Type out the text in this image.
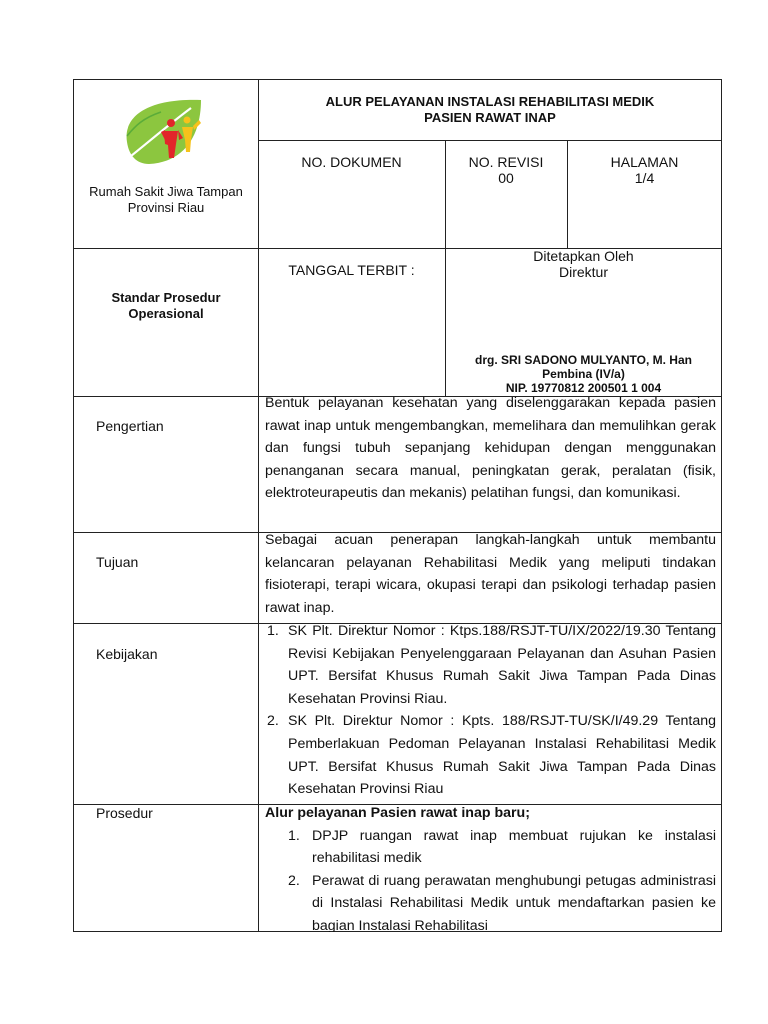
Rumah Sakit Jiwa Tampan
Provinsi Riau
ALUR PELAYANAN INSTALASI REHABILITASI MEDIK
PASIEN RAWAT INAP
NO. DOKUMEN	NO. REVISI
00
HALAMAN
1/4
Standar Prosedur
Operasional
TANGGAL TERBIT :
Ditetapkan Oleh
Direktur
drg. SRI SADONO MULYANTO, M. Han
Pembina (IV/a)
NIP. 19770812 200501 1 004
Pengertian
Bentuk pelayanan kesehatan yang diselenggarakan kepada pasien rawat inap untuk mengembangkan, memelihara dan memulihkan gerak dan fungsi tubuh sepanjang kehidupan dengan menggunakan penanganan secara manual, peningkatan gerak, peralatan (fisik, elektroteurapeutis dan mekanis) pelatihan fungsi, dan komunikasi.
Tujuan
Sebagai acuan penerapan langkah-langkah untuk membantu kelancaran pelayanan Rehabilitasi Medik yang meliputi tindakan fisioterapi, terapi wicara, okupasi terapi dan psikologi terhadap pasien rawat inap.
Kebijakan
1. SK Plt. Direktur Nomor : Ktps.188/RSJT-TU/IX/2022/19.30 Tentang Revisi Kebijakan Penyelenggaraan Pelayanan dan Asuhan Pasien UPT. Bersifat Khusus Rumah Sakit Jiwa Tampan Pada Dinas Kesehatan Provinsi Riau.
2. SK Plt. Direktur Nomor : Kpts. 188/RSJT-TU/SK/I/49.29 Tentang Pemberlakuan Pedoman Pelayanan Instalasi Rehabilitasi Medik UPT. Bersifat Khusus Rumah Sakit Jiwa Tampan Pada Dinas Kesehatan Provinsi Riau
Prosedur	Alur pelayanan Pasien rawat inap baru;
1. DPJP ruangan rawat inap membuat rujukan ke instalasi rehabilitasi medik
2. Perawat di ruang perawatan menghubungi petugas administrasi di Instalasi Rehabilitasi Medik untuk mendaftarkan pasien ke bagian Instalasi Rehabilitasi
